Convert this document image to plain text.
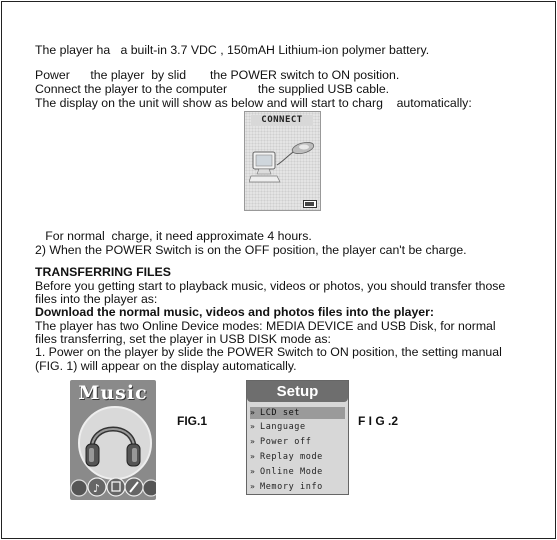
The player ha   a built-in 3.7 VDC , 150mAH Lithium-ion polymer battery.
Power      the player  by slid       the POWER switch to ON position.
Connect the player to the computer         the supplied USB cable.
The display on the unit will show as below and will start to charg    automatically:
CONNECT
For normal  charge, it need approximate 4 hours.
2) When the POWER Switch is on the OFF position, the player can't be charge.
TRANSFERRING FILES
Before you getting start to playback music, videos or photos, you should transfer those
files into the player as:
Download the normal music, videos and photos files into the player:
The player has two Online Device modes: MEDIA DEVICE and USB Disk, for normal
files transferring, set the player in USB DISK mode as:
1. Power on the player by slide the POWER Switch to ON position, the setting manual
(FIG. 1) will appear on the display automatically.
Music
♪
FIG.1
Setup
» LCD set
» Language
» Power off
» Replay mode
» Online Mode
» Memory info
F I G .2
